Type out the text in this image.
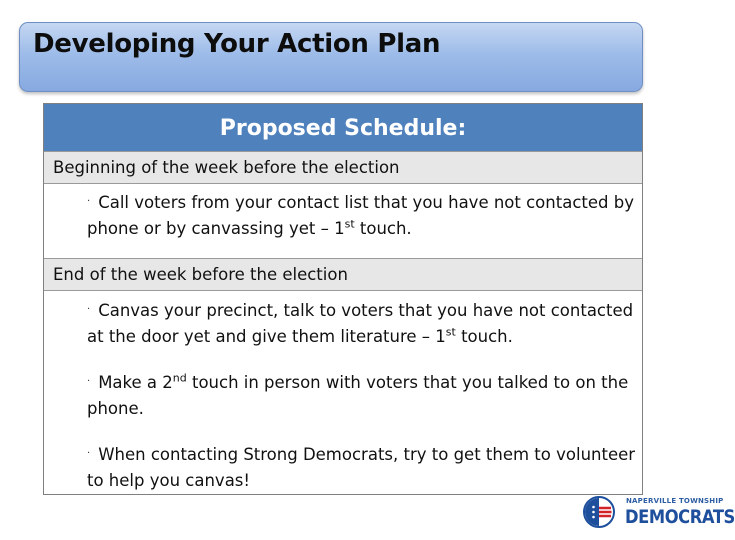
Developing Your Action Plan
Proposed Schedule:
Beginning of the week before the election
· Call voters from your contact list that you have not contacted by phone or by canvassing yet – 1st touch.
End of the week before the election
· Canvas your precinct, talk to voters that you have not contacted at the door yet and give them literature – 1st touch.
· Make a 2nd touch in person with voters that you talked to on the phone.
· When contacting Strong Democrats, try to get them to volunteer to help you canvas!
NAPERVILLE TOWNSHIP
DEMOCRATS
